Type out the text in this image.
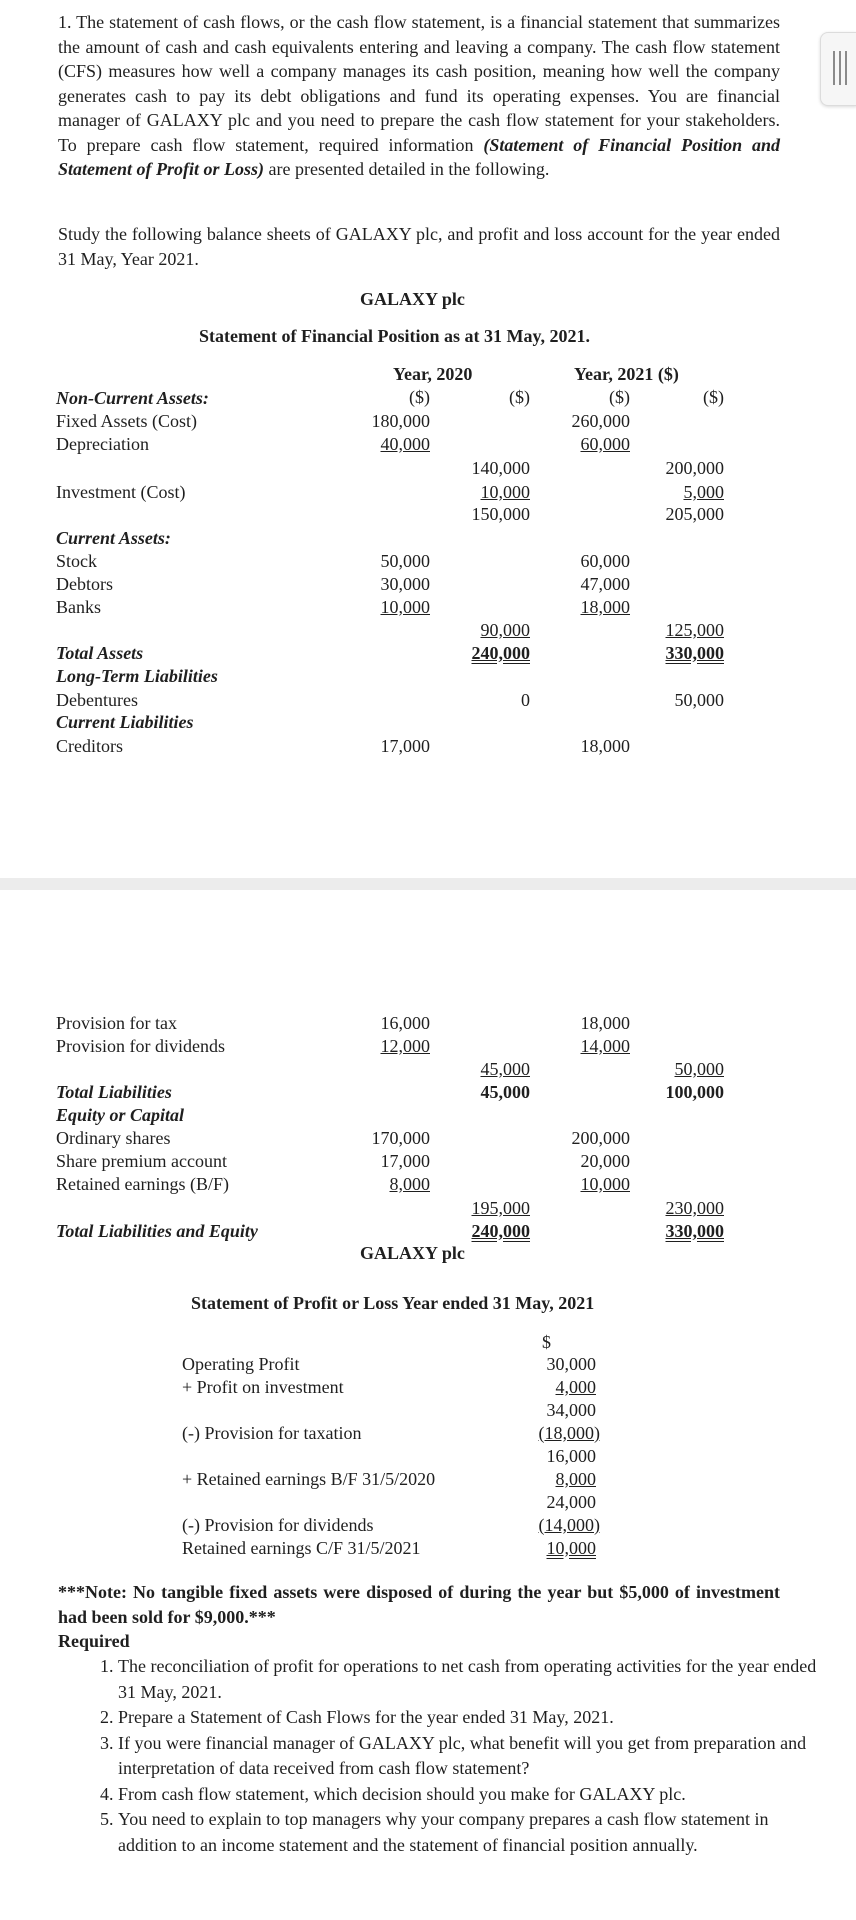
1. The statement of cash flows, or the cash flow statement, is a financial statement that summarizes the amount of cash and cash equivalents entering and leaving a company. The cash flow statement (CFS) measures how well a company manages its cash position, meaning how well the company generates cash to pay its debt obligations and fund its operating expenses. You are financial manager of GALAXY plc and you need to prepare the cash flow statement for your stakeholders. To prepare cash flow statement, required information (Statement of Financial Position and Statement of Profit or Loss) are presented detailed in the following.
Study the following balance sheets of GALAXY plc, and profit and loss account for the year ended 31 May, Year 2021.
GALAXY plc
Statement of Financial Position as at 31 May, 2021.
Year, 2020	Year, 2021 ($)
($)	($)	($)	($)
Non-Current Assets:
Fixed Assets (Cost)	180,000	260,000
Depreciation	40,000	60,000
140,000	200,000
Investment (Cost)	10,000	5,000
150,000	205,000
Current Assets:
Stock	50,000	60,000
Debtors	30,000	47,000
Banks	10,000	18,000
90,000	125,000
Total Assets	240,000	330,000
Long-Term Liabilities
Debentures	0	50,000
Current Liabilities
Creditors	17,000	18,000
Provision for tax	16,000	18,000
Provision for dividends	12,000	14,000
45,000	50,000
Total Liabilities	45,000	100,000
Equity or Capital
Ordinary shares	170,000	200,000
Share premium account	17,000	20,000
Retained earnings (B/F)	8,000	10,000
195,000	230,000
Total Liabilities and Equity	240,000	330,000
GALAXY plc
Statement of Profit or Loss Year ended 31 May, 2021
$
Operating Profit	30,000
+ Profit on investment	4,000
34,000
(-) Provision for taxation	(18,000)
16,000
+ Retained earnings B/F 31/5/2020	8,000
24,000
(-) Provision for dividends	(14,000)
Retained earnings C/F 31/5/2021	10,000
***Note: No tangible fixed assets were disposed of during the year but $5,000 of investment had been sold for $9,000.***
Required
1. The reconciliation of profit for operations to net cash from operating activities for the year ended 31 May, 2021.
2. Prepare a Statement of Cash Flows for the year ended 31 May, 2021.
3. If you were financial manager of GALAXY plc, what benefit will you get from preparation and interpretation of data received from cash flow statement?
4. From cash flow statement, which decision should you make for GALAXY plc.
5. You need to explain to top managers why your company prepares a cash flow statement in addition to an income statement and the statement of financial position annually.
